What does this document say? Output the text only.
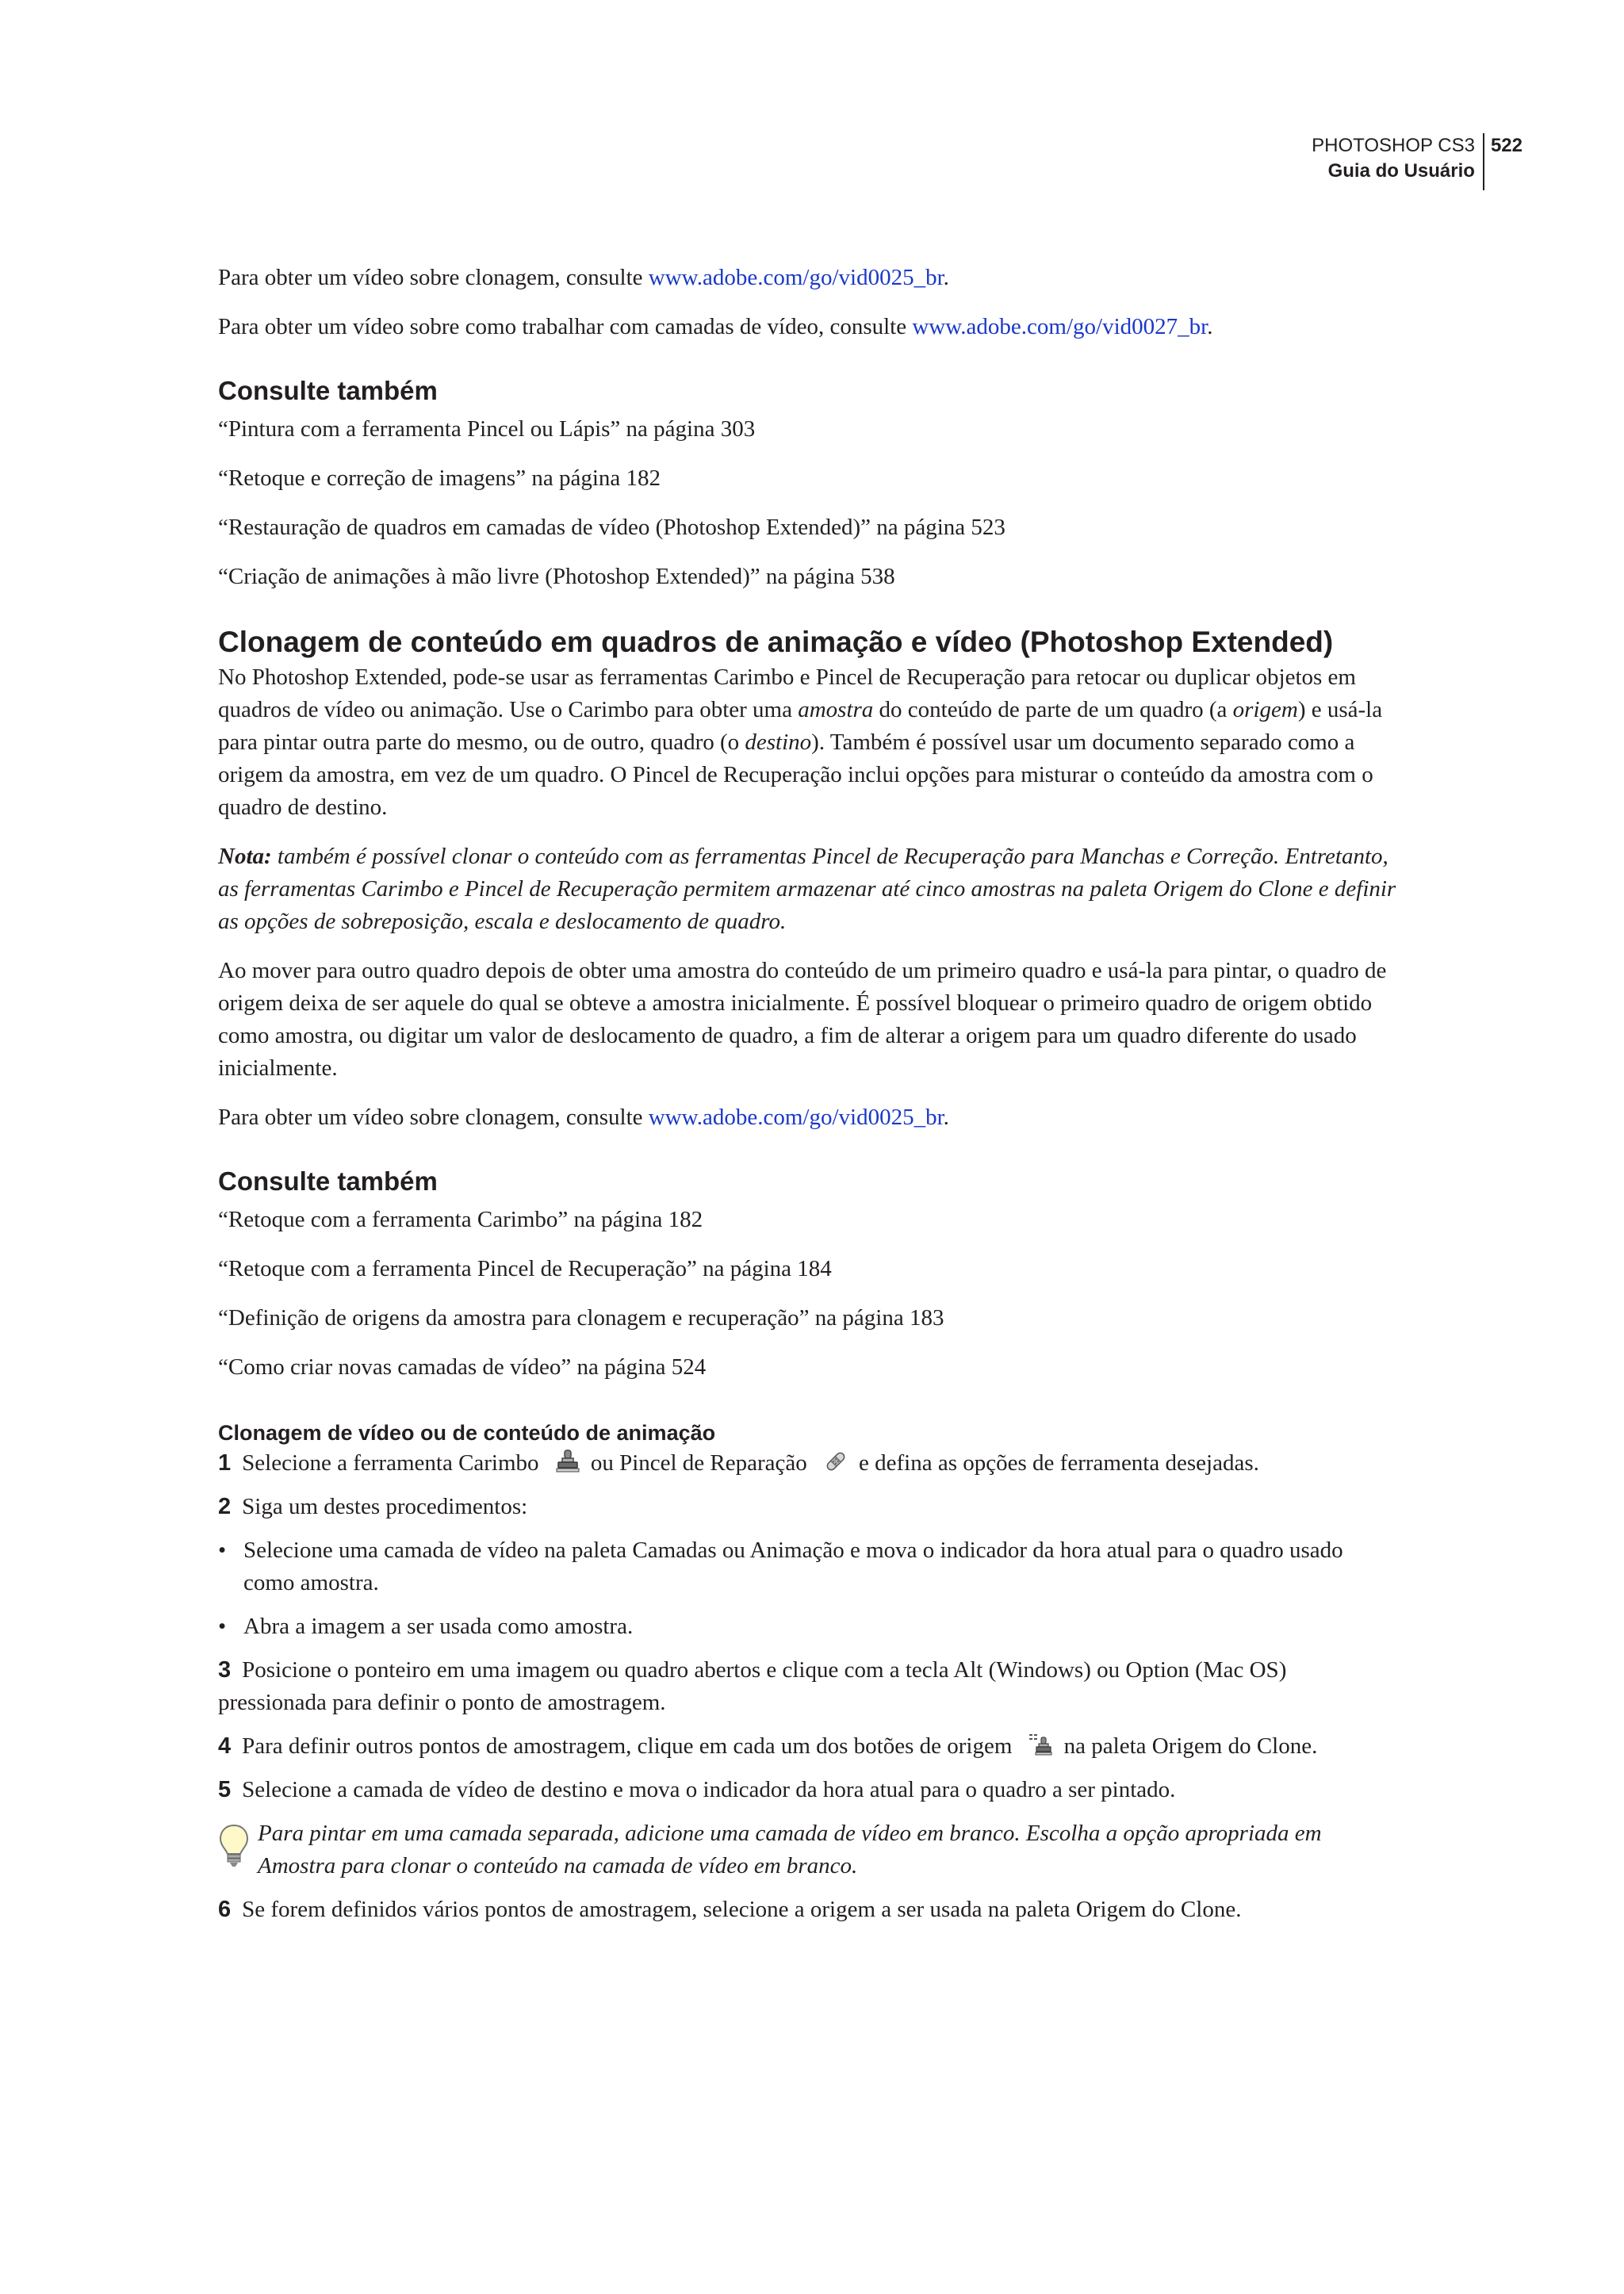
PHOTOSHOP CS3
Guia do Usuário
522

Para obter um vídeo sobre clonagem, consulte www.adobe.com/go/vid0025_br.

Para obter um vídeo sobre como trabalhar com camadas de vídeo, consulte www.adobe.com/go/vid0027_br.

Consulte também

“Pintura com a ferramenta Pincel ou Lápis” na página 303

“Retoque e correção de imagens” na página 182

“Restauração de quadros em camadas de vídeo (Photoshop Extended)” na página 523

“Criação de animações à mão livre (Photoshop Extended)” na página 538

Clonagem de conteúdo em quadros de animação e vídeo (Photoshop Extended)

No Photoshop Extended, pode-se usar as ferramentas Carimbo e Pincel de Recuperação para retocar ou duplicar objetos em quadros de vídeo ou animação. Use o Carimbo para obter uma amostra do conteúdo de parte de um quadro (a origem) e usá-la para pintar outra parte do mesmo, ou de outro, quadro (o destino). Também é possível usar um documento separado como a origem da amostra, em vez de um quadro. O Pincel de Recuperação inclui opções para misturar o conteúdo da amostra com o quadro de destino.

Nota: também é possível clonar o conteúdo com as ferramentas Pincel de Recuperação para Manchas e Correção. Entretanto, as ferramentas Carimbo e Pincel de Recuperação permitem armazenar até cinco amostras na paleta Origem do Clone e definir as opções de sobreposição, escala e deslocamento de quadro.

Ao mover para outro quadro depois de obter uma amostra do conteúdo de um primeiro quadro e usá-la para pintar, o quadro de origem deixa de ser aquele do qual se obteve a amostra inicialmente. É possível bloquear o primeiro quadro de origem obtido como amostra, ou digitar um valor de deslocamento de quadro, a fim de alterar a origem para um quadro diferente do usado inicialmente.

Para obter um vídeo sobre clonagem, consulte www.adobe.com/go/vid0025_br.

Consulte também

“Retoque com a ferramenta Carimbo” na página 182

“Retoque com a ferramenta Pincel de Recuperação” na página 184

“Definição de origens da amostra para clonagem e recuperação” na página 183

“Como criar novas camadas de vídeo” na página 524

Clonagem de vídeo ou de conteúdo de animação

1 Selecione a ferramenta Carimbo ou Pincel de Reparação e defina as opções de ferramenta desejadas.

2 Siga um destes procedimentos:

• Selecione uma camada de vídeo na paleta Camadas ou Animação e mova o indicador da hora atual para o quadro usado como amostra.

• Abra a imagem a ser usada como amostra.

3 Posicione o ponteiro em uma imagem ou quadro abertos e clique com a tecla Alt (Windows) ou Option (Mac OS) pressionada para definir o ponto de amostragem.

4 Para definir outros pontos de amostragem, clique em cada um dos botões de origem na paleta Origem do Clone.

5 Selecione a camada de vídeo de destino e mova o indicador da hora atual para o quadro a ser pintado.

Para pintar em uma camada separada, adicione uma camada de vídeo em branco. Escolha a opção apropriada em Amostra para clonar o conteúdo na camada de vídeo em branco.

6 Se forem definidos vários pontos de amostragem, selecione a origem a ser usada na paleta Origem do Clone.
